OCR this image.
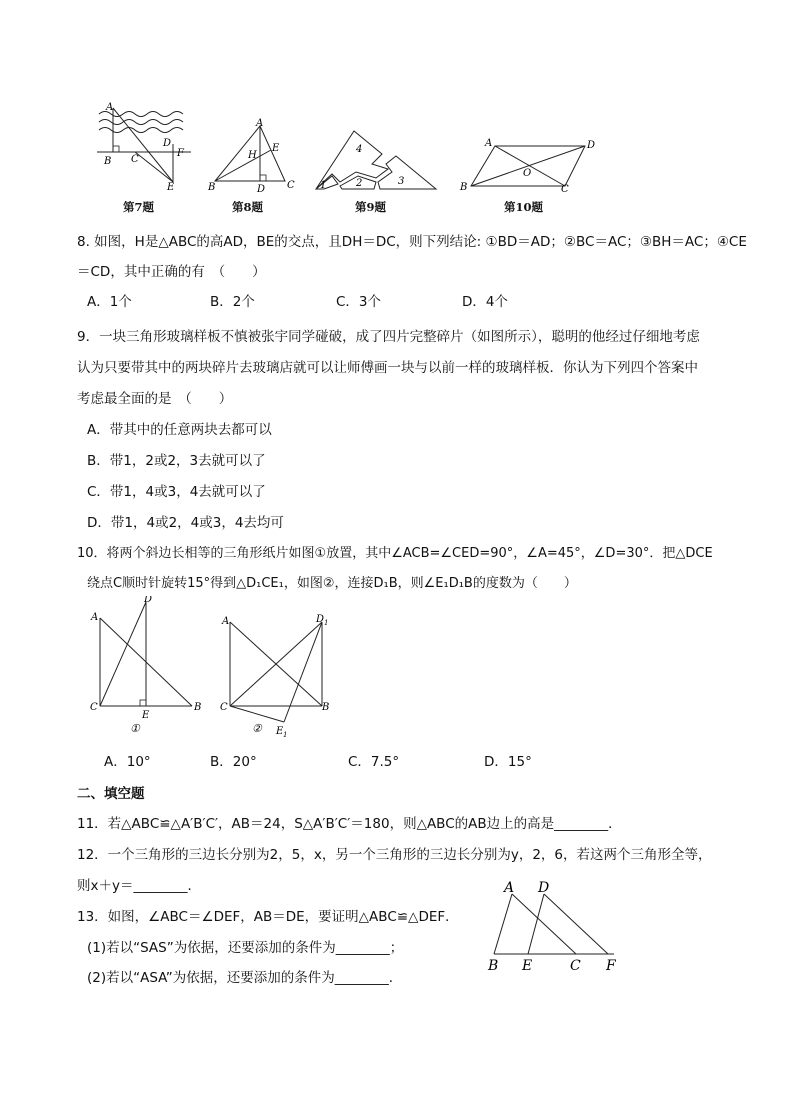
A
B C
D
F
E
第7题
A
H
E
B	D C
第8题
4
1	2	3
第9题
A	D
O
B	C
第10题
8. 如图，H是△ABC的高AD，BE的交点，且DH＝DC，则下列结论: ①BD＝AD；②BC＝AC；③BH＝AC；④CE
＝CD，其中正确的有　（　　）
A．1个	B．2个	C．3个	D．4个
9．一块三角形玻璃样板不慎被张宇同学碰破，成了四片完整碎片（如图所示），聪明的他经过仔细地考虑
认为只要带其中的两块碎片去玻璃店就可以让师傅画一块与以前一样的玻璃样板．你认为下列四个答案中
考虑最全面的是　（　　）
A．带其中的任意两块去都可以
B．带1，2或2，3去就可以了
C．带1，4或3，4去就可以了
D．带1，4或2，4或3，4去均可
10．将两个斜边长相等的三角形纸片如图①放置，其中∠ACB=∠CED=90°，∠A=45°，∠D=30°．把△DCE
绕点C顺时针旋转15°得到△D₁CE₁，如图②，连接D₁B，则∠E₁D₁B的度数为（　　）
A
D
C
E
B
①
A	D 1
C	B
E 1
②
A．10°	B．20°	C．7.5°	D．15°
二、填空题
11．若△ABC≌△A′B′C′，AB＝24，S△A′B′C′＝180，则△ABC的AB边上的高是________．
12．一个三角形的三边长分别为2，5，x，另一个三角形的三边长分别为y，2，6，若这两个三角形全等，
则x＋y＝________．
13．如图，∠ABC＝∠DEF，AB＝DE，要证明△ABC≌△DEF．
(1)若以“SAS”为依据，还要添加的条件为________；
(2)若以“ASA”为依据，还要添加的条件为________．
A D
B E	C F
